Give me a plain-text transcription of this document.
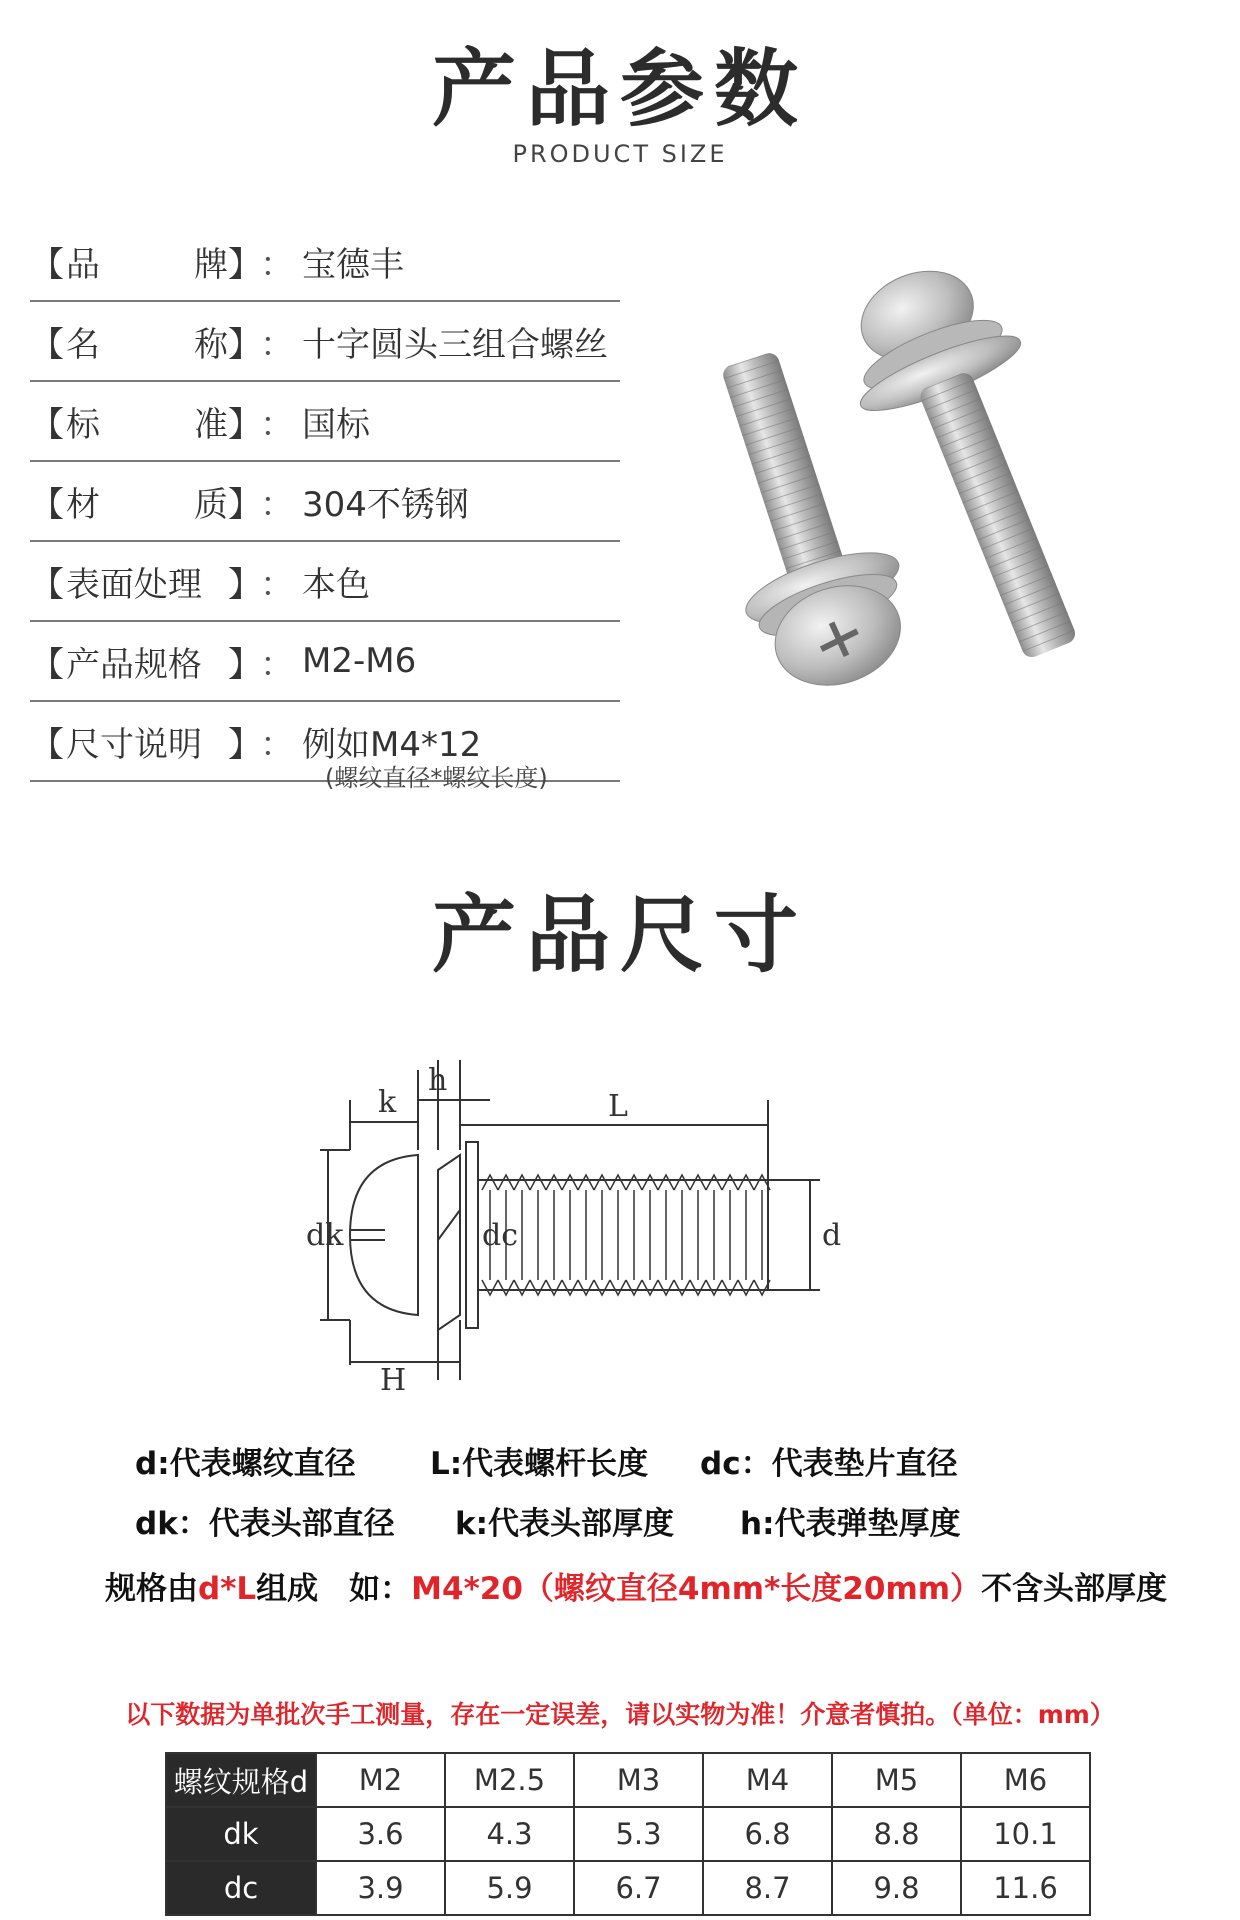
产品参数
PRODUCT SIZE
【 品	牌 】
： 宝德丰
【 名	称 】
： 十字圆头三组合螺丝
【 标	准 】
： 国标
【 材	质 】
： 304不锈钢
【 表面处理 】
： 本色
【 产品规格 】
： M2-M6
【 尺寸说明 】
： 例如M4*12
(螺纹直径*螺纹长度)
产品尺寸
h
k	L
dk	dc	d
H
d:代表螺纹直径 L:代表螺杆长度 dc：代表垫片直径
dk：代表头部直径 k:代表头部厚度 h:代表弹垫厚度
规格由d*L组成　如：M4*20（螺纹直径4mm*长度20mm）不含头部厚度
以下数据为单批次手工测量，存在一定误差，请以实物为准！介意者慎拍。（单位：mm）
螺纹规格d	M2	M2.5	M3	M4	M5	M6
dk	3.6	4.3	5.3	6.8	8.8	10.1
dc	3.9	5.9	6.7	8.7	9.8	11.6
